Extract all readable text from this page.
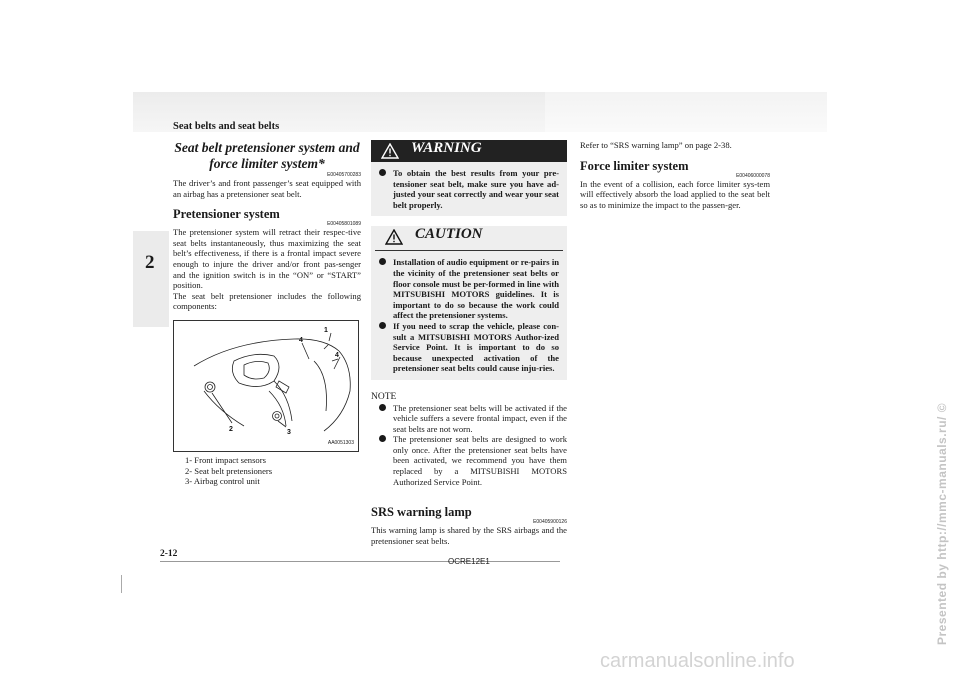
Seat belts and seat belts
2
Seat belt pretensioner system and force limiter system*
E00405700283

The driver’s and front passenger’s seat equipped with an airbag has a pretensioner seat belt.

Pretensioner system
E00405801089

The pretensioner system will retract their respec-tive seat belts instantaneously, thus maximizing the seat belt’s effectiveness, if there is a frontal impact severe enough to injure the driver and/or front pas-senger and the ignition switch is in the “ON” or “START” position.

The seat belt pretensioner includes the following components:

1
4
4
2	3
AA0051303
1- Front impact sensors
2- Seat belt pretensioners
3- Airbag control unit
WARNING
To obtain the best results from your pre-tensioner seat belt, make sure you have ad-justed your seat correctly and wear your seat belt properly.
CAUTION
Installation of audio equipment or re-pairs in the vicinity of the pretensioner seat belts or floor console must be per-formed in line with MITSUBISHI MOTORS guidelines. It is important to do so because the work could affect the pretensioner systems.
If you need to scrap the vehicle, please con-sult a MITSUBISHI MOTORS Author-ized Service Point. It is important to do so because unexpected activation of the pretensioner seat belts could cause inju-ries.
NOTE
The pretensioner seat belts will be activated if the vehicle suffers a severe frontal impact, even if the seat belts are not worn.
The pretensioner seat belts are designed to work only once. After the pretensioner seat belts have been activated, we recommend you have them replaced by a MITSUBISHI MOTORS Authorized Service Point.
SRS warning lamp
E00405900126

This warning lamp is shared by the SRS airbags and the pretensioner seat belts.

Refer to “SRS warning lamp” on page 2-38.

Force limiter system
E00406000078

In the event of a collision, each force limiter sys-tem will effectively absorb the load applied to the seat belt so as to minimize the impact to the passen-ger.

2-12
OCRE12E1	Presented by http://mmc-manuals.ru/ ©
carmanualsonline.info
